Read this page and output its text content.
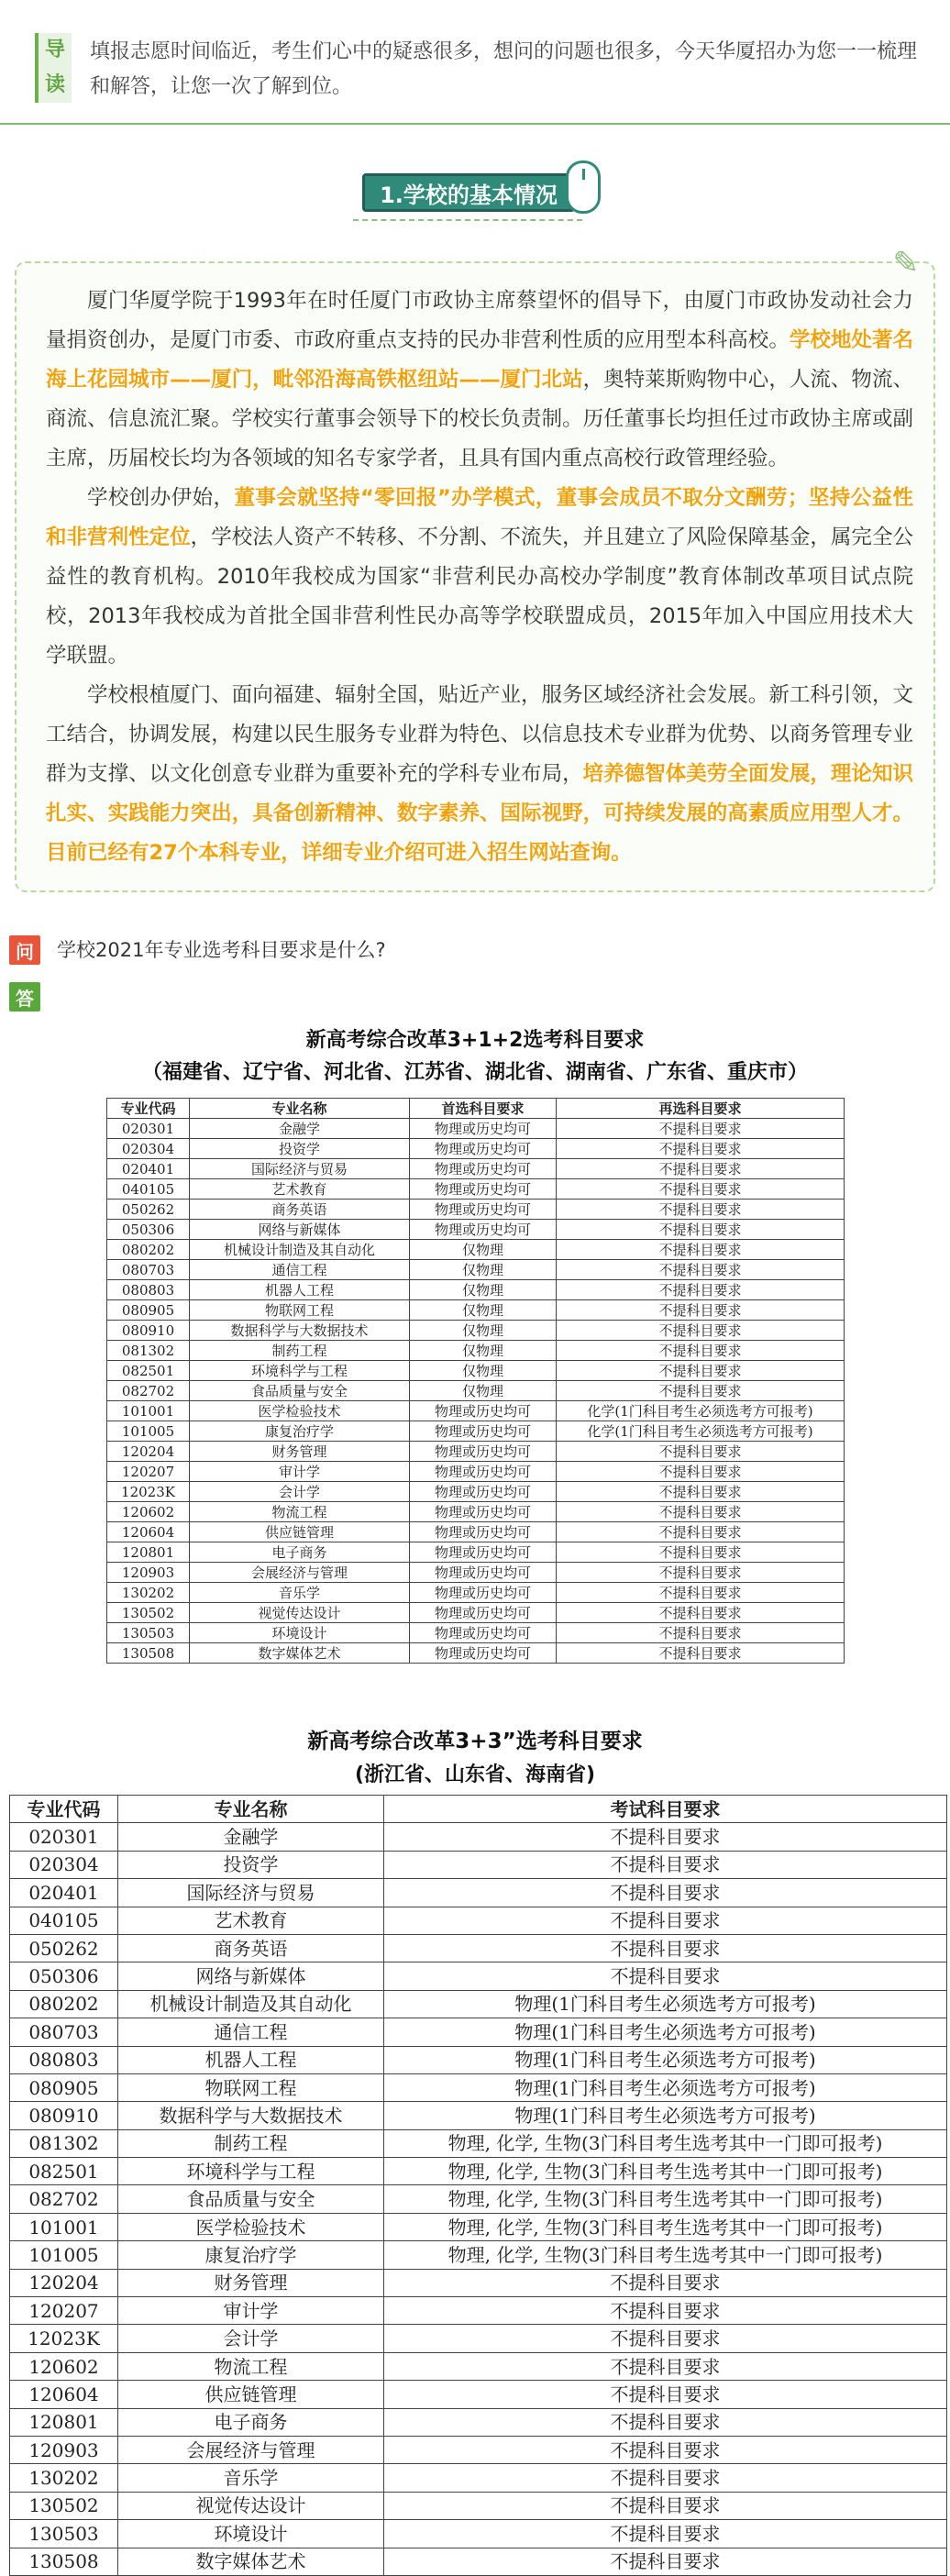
导
读
填报志愿时间临近，考生们心中的疑惑很多，想问的问题也很多，今天华厦招办为您一一梳理和解答，让您一次了解到位。
1.学校的基本情况
✎

厦门华厦学院于1993年在时任厦门市政协主席蔡望怀的倡导下，由厦门市政协发动社会力量捐资创办，是厦门市委、市政府重点支持的民办非营利性质的应用型本科高校。学校地处著名海上花园城市——厦门，毗邻沿海高铁枢纽站——厦门北站，奥特莱斯购物中心，人流、物流、商流、信息流汇聚。学校实行董事会领导下的校长负责制。历任董事长均担任过市政协主席或副主席，历届校长均为各领域的知名专家学者，且具有国内重点高校行政管理经验。

学校创办伊始，董事会就坚持“零回报”办学模式，董事会成员不取分文酬劳；坚持公益性和非营利性定位，学校法人资产不转移、不分割、不流失，并且建立了风险保障基金，属完全公益性的教育机构。2010年我校成为国家“非营利民办高校办学制度”教育体制改革项目试点院校，2013年我校成为首批全国非营利性民办高等学校联盟成员，2015年加入中国应用技术大学联盟。

学校根植厦门、面向福建、辐射全国，贴近产业，服务区域经济社会发展。新工科引领，文工结合，协调发展，构建以民生服务专业群为特色、以信息技术专业群为优势、以商务管理专业群为支撑、以文化创意专业群为重要补充的学科专业布局，培养德智体美劳全面发展，理论知识扎实、实践能力突出，具备创新精神、数字素养、国际视野，可持续发展的高素质应用型人才。目前已经有27个本科专业，详细专业介绍可进入招生网站查询。

问	学校2021年专业选考科目要求是什么?
答
新高考综合改革3+1+2选考科目要求
（福建省、辽宁省、河北省、江苏省、湖北省、湖南省、广东省、重庆市）
专业代码	专业名称	首选科目要求	再选科目要求
020301	金融学	物理或历史均可	不提科目要求
020304	投资学	物理或历史均可	不提科目要求
020401	国际经济与贸易	物理或历史均可	不提科目要求
040105	艺术教育	物理或历史均可	不提科目要求
050262	商务英语	物理或历史均可	不提科目要求
050306	网络与新媒体	物理或历史均可	不提科目要求
080202	机械设计制造及其自动化	仅物理	不提科目要求
080703	通信工程	仅物理	不提科目要求
080803	机器人工程	仅物理	不提科目要求
080905	物联网工程	仅物理	不提科目要求
080910	数据科学与大数据技术	仅物理	不提科目要求
081302	制药工程	仅物理	不提科目要求
082501	环境科学与工程	仅物理	不提科目要求
082702	食品质量与安全	仅物理	不提科目要求
101001	医学检验技术	物理或历史均可	化学(1门科目考生必须选考方可报考)
101005	康复治疗学	物理或历史均可	化学(1门科目考生必须选考方可报考)
120204	财务管理	物理或历史均可	不提科目要求
120207	审计学	物理或历史均可	不提科目要求
12023K	会计学	物理或历史均可	不提科目要求
120602	物流工程	物理或历史均可	不提科目要求
120604	供应链管理	物理或历史均可	不提科目要求
120801	电子商务	物理或历史均可	不提科目要求
120903	会展经济与管理	物理或历史均可	不提科目要求
130202	音乐学	物理或历史均可	不提科目要求
130502	视觉传达设计	物理或历史均可	不提科目要求
130503	环境设计	物理或历史均可	不提科目要求
130508	数字媒体艺术	物理或历史均可	不提科目要求
新高考综合改革3+3”选考科目要求
(浙江省、山东省、海南省)
专业代码	专业名称	考试科目要求
020301	金融学	不提科目要求
020304	投资学	不提科目要求
020401	国际经济与贸易	不提科目要求
040105	艺术教育	不提科目要求
050262	商务英语	不提科目要求
050306	网络与新媒体	不提科目要求
080202	机械设计制造及其自动化	物理(1门科目考生必须选考方可报考)
080703	通信工程	物理(1门科目考生必须选考方可报考)
080803	机器人工程	物理(1门科目考生必须选考方可报考)
080905	物联网工程	物理(1门科目考生必须选考方可报考)
080910	数据科学与大数据技术	物理(1门科目考生必须选考方可报考)
081302	制药工程	物理, 化学, 生物(3门科目考生选考其中一门即可报考)
082501	环境科学与工程	物理, 化学, 生物(3门科目考生选考其中一门即可报考)
082702	食品质量与安全	物理, 化学, 生物(3门科目考生选考其中一门即可报考)
101001	医学检验技术	物理, 化学, 生物(3门科目考生选考其中一门即可报考)
101005	康复治疗学	物理, 化学, 生物(3门科目考生选考其中一门即可报考)
120204	财务管理	不提科目要求
120207	审计学	不提科目要求
12023K	会计学	不提科目要求
120602	物流工程	不提科目要求
120604	供应链管理	不提科目要求
120801	电子商务	不提科目要求
120903	会展经济与管理	不提科目要求
130202	音乐学	不提科目要求
130502	视觉传达设计	不提科目要求
130503	环境设计	不提科目要求
130508	数字媒体艺术	不提科目要求
